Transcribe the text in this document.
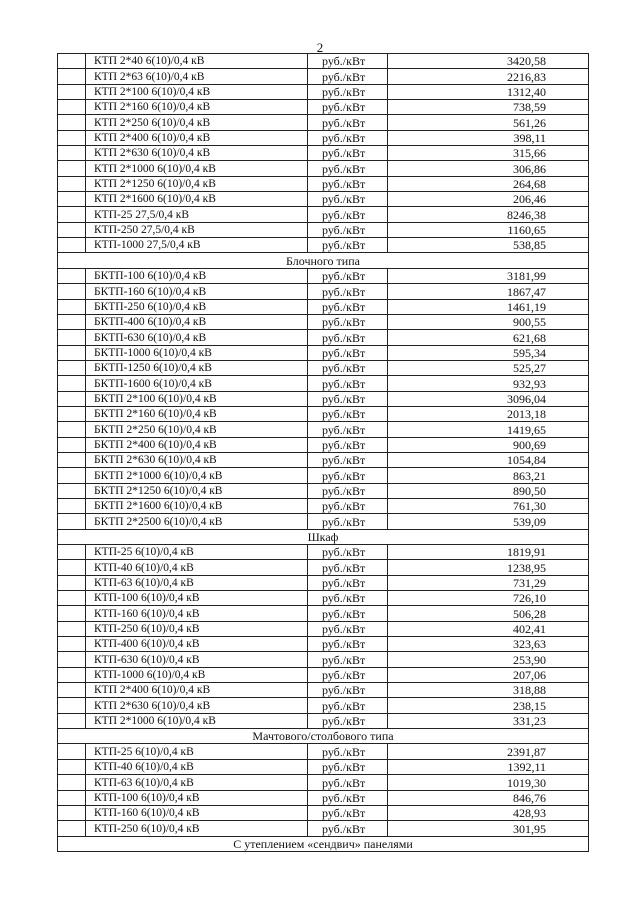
2
	КТП 2*40 6(10)/0,4 кВ	руб./кВт	3420,58
	КТП 2*63 6(10)/0,4 кВ	руб./кВт	2216,83
	КТП 2*100 6(10)/0,4 кВ	руб./кВт	1312,40
	КТП 2*160 6(10)/0,4 кВ	руб./кВт	738,59
	КТП 2*250 6(10)/0,4 кВ	руб./кВт	561,26
	КТП 2*400 6(10)/0,4 кВ	руб./кВт	398,11
	КТП 2*630 6(10)/0,4 кВ	руб./кВт	315,66
	КТП 2*1000 6(10)/0,4 кВ	руб./кВт	306,86
	КТП 2*1250 6(10)/0,4 кВ	руб./кВт	264,68
	КТП 2*1600 6(10)/0,4 кВ	руб./кВт	206,46
	КТП-25 27,5/0,4 кВ	руб./кВт	8246,38
	КТП-250 27,5/0,4 кВ	руб./кВт	1160,65
	КТП-1000 27,5/0,4 кВ	руб./кВт	538,85
Блочного типа			
	БКТП-100 6(10)/0,4 кВ	руб./кВт	3181,99
	БКТП-160 6(10)/0,4 кВ	руб./кВт	1867,47
	БКТП-250 6(10)/0,4 кВ	руб./кВт	1461,19
	БКТП-400 6(10)/0,4 кВ	руб./кВт	900,55
	БКТП-630 6(10)/0,4 кВ	руб./кВт	621,68
	БКТП-1000 6(10)/0,4 кВ	руб./кВт	595,34
	БКТП-1250 6(10)/0,4 кВ	руб./кВт	525,27
	БКТП-1600 6(10)/0,4 кВ	руб./кВт	932,93
	БКТП 2*100 6(10)/0,4 кВ	руб./кВт	3096,04
	БКТП 2*160 6(10)/0,4 кВ	руб./кВт	2013,18
	БКТП 2*250 6(10)/0,4 кВ	руб./кВт	1419,65
	БКТП 2*400 6(10)/0,4 кВ	руб./кВт	900,69
	БКТП 2*630 6(10)/0,4 кВ	руб./кВт	1054,84
	БКТП 2*1000 6(10)/0,4 кВ	руб./кВт	863,21
	БКТП 2*1250 6(10)/0,4 кВ	руб./кВт	890,50
	БКТП 2*1600 6(10)/0,4 кВ	руб./кВт	761,30
	БКТП 2*2500 6(10)/0,4 кВ	руб./кВт	539,09
Шкаф			
	КТП-25 6(10)/0,4 кВ	руб./кВт	1819,91
	КТП-40 6(10)/0,4 кВ	руб./кВт	1238,95
	КТП-63 6(10)/0,4 кВ	руб./кВт	731,29
	КТП-100 6(10)/0,4 кВ	руб./кВт	726,10
	КТП-160 6(10)/0,4 кВ	руб./кВт	506,28
	КТП-250 6(10)/0,4 кВ	руб./кВт	402,41
	КТП-400 6(10)/0,4 кВ	руб./кВт	323,63
	КТП-630 6(10)/0,4 кВ	руб./кВт	253,90
	КТП-1000 6(10)/0,4 кВ	руб./кВт	207,06
	КТП 2*400 6(10)/0,4 кВ	руб./кВт	318,88
	КТП 2*630 6(10)/0,4 кВ	руб./кВт	238,15
	КТП 2*1000 6(10)/0,4 кВ	руб./кВт	331,23
Мачтового/столбового типа			
	КТП-25 6(10)/0,4 кВ	руб./кВт	2391,87
	КТП-40 6(10)/0,4 кВ	руб./кВт	1392,11
	КТП-63 6(10)/0,4 кВ	руб./кВт	1019,30
	КТП-100 6(10)/0,4 кВ	руб./кВт	846,76
	КТП-160 6(10)/0,4 кВ	руб./кВт	428,93
	КТП-250 6(10)/0,4 кВ	руб./кВт	301,95
С утеплением «сендвич» панелями			
